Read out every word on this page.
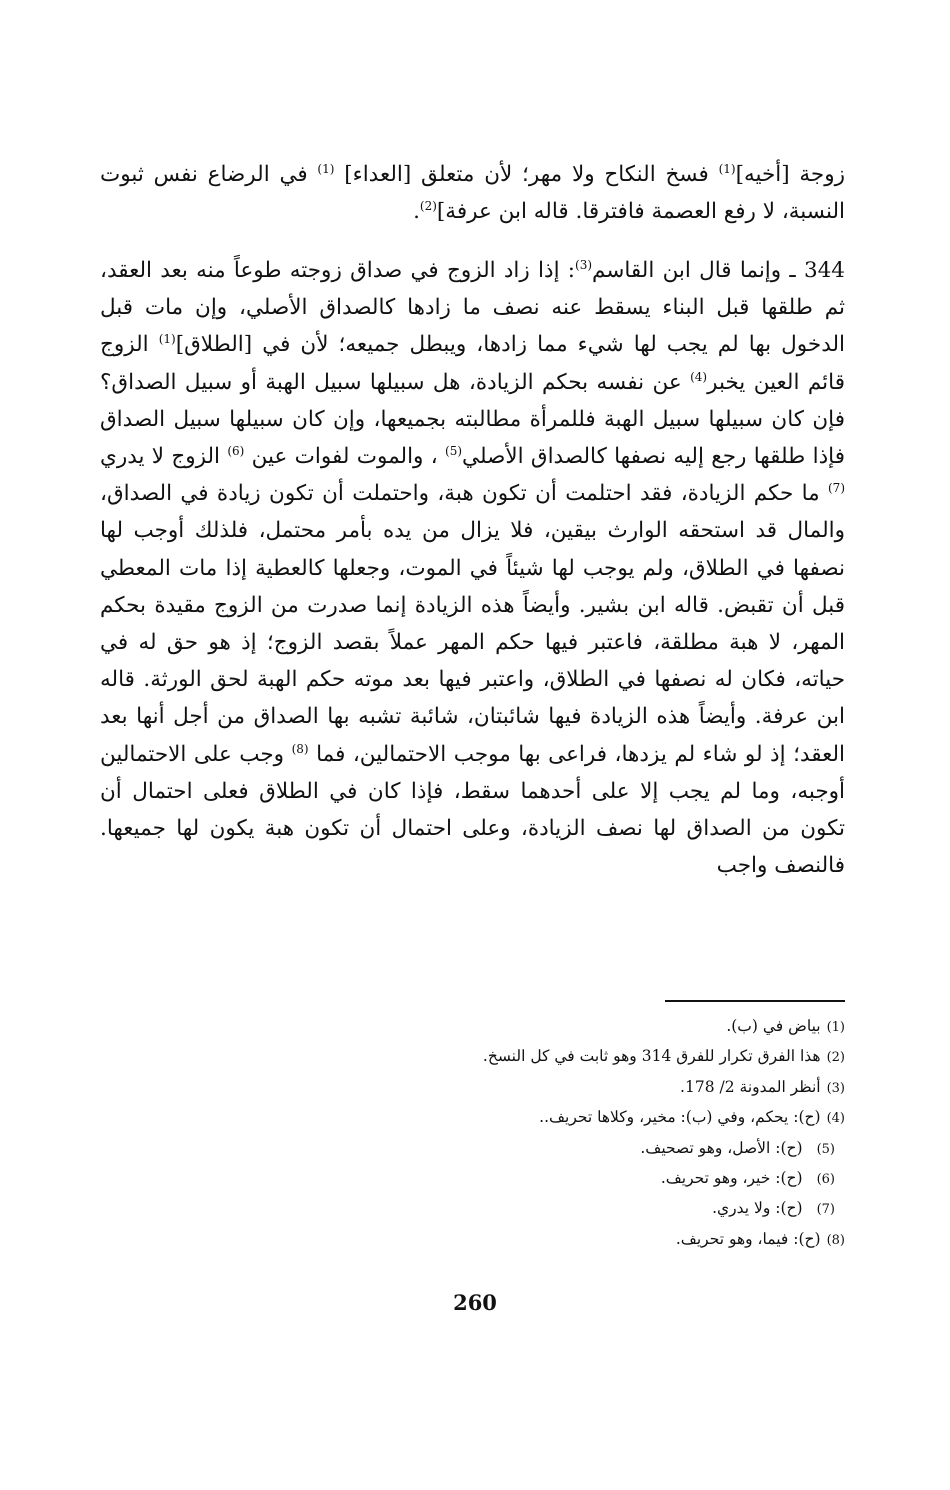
زوجة [أخيه]$^{(1)}$ فسخ النكاح ولا مهر؛ لأن متعلق [العداء] $^{(1)}$ في الرضاع نفس ثبوت النسبة، لا رفع العصمة فافترقا. قاله ابن عرفة]$^{(2)}$.

344 ـ وإنما قال ابن القاسم$^{(3)}$: إذا زاد الزوج في صداق زوجته طوعاً منه بعد العقد، ثم طلقها قبل البناء يسقط عنه نصف ما زادها كالصداق الأصلي، وإن مات قبل الدخول بها لم يجب لها شيء مما زادها، ويبطل جميعه؛ لأن في [الطلاق]$^{(1)}$ الزوج قائم العين يخبر$^{(4)}$ عن نفسه بحكم الزيادة، هل سبيلها سبيل الهبة أو سبيل الصداق؟ فإن كان سبيلها سبيل الهبة فللمرأة مطالبته بجميعها، وإن كان سبيلها سبيل الصداق فإذا طلقها رجع إليه نصفها كالصداق الأصلي$^{(5)}$ ، والموت لفوات عين $^{(6)}$ الزوج لا يدري $^{(7)}$ ما حكم الزيادة، فقد احتلمت أن تكون هبة، واحتملت أن تكون زيادة في الصداق، والمال قد استحقه الوارث بيقين، فلا يزال من يده بأمر محتمل، فلذلك أوجب لها نصفها في الطلاق، ولم يوجب لها شيئاً في الموت، وجعلها كالعطية إذا مات المعطي قبل أن تقبض. قاله ابن بشير. وأيضاً هذه الزيادة إنما صدرت من الزوج مقيدة بحكم المهر، لا هبة مطلقة، فاعتبر فيها حكم المهر عملاً بقصد الزوج؛ إذ هو حق له في حياته، فكان له نصفها في الطلاق، واعتبر فيها بعد موته حكم الهبة لحق الورثة. قاله ابن عرفة. وأيضاً هذه الزيادة فيها شائبتان، شائبة تشبه بها الصداق من أجل أنها بعد العقد؛ إذ لو شاء لم يزدها، فراعى بها موجب الاحتمالين، فما $^{(8)}$ وجب على الاحتمالين أوجبه، وما لم يجب إلا على أحدهما سقط، فإذا كان في الطلاق فعلى احتمال أن تكون من الصداق لها نصف الزيادة، وعلى احتمال أن تكون هبة يكون لها جميعها. فالنصف واجب

(1)بياض في (ب).
(2)هذا الفرق تكرار للفرق 314 وهو ثابت في كل النسخ.
(3)أنظر المدونة 2/ 178.
(4)(ح): يحكم، وفي (ب): مخير، وكلاها تحريف..
(5)(ح): الأصل، وهو تصحيف.
(6)(ح): خير، وهو تحريف.
(7)(ح): ولا يدري.
(8)(ح): فيما، وهو تحريف.
260
